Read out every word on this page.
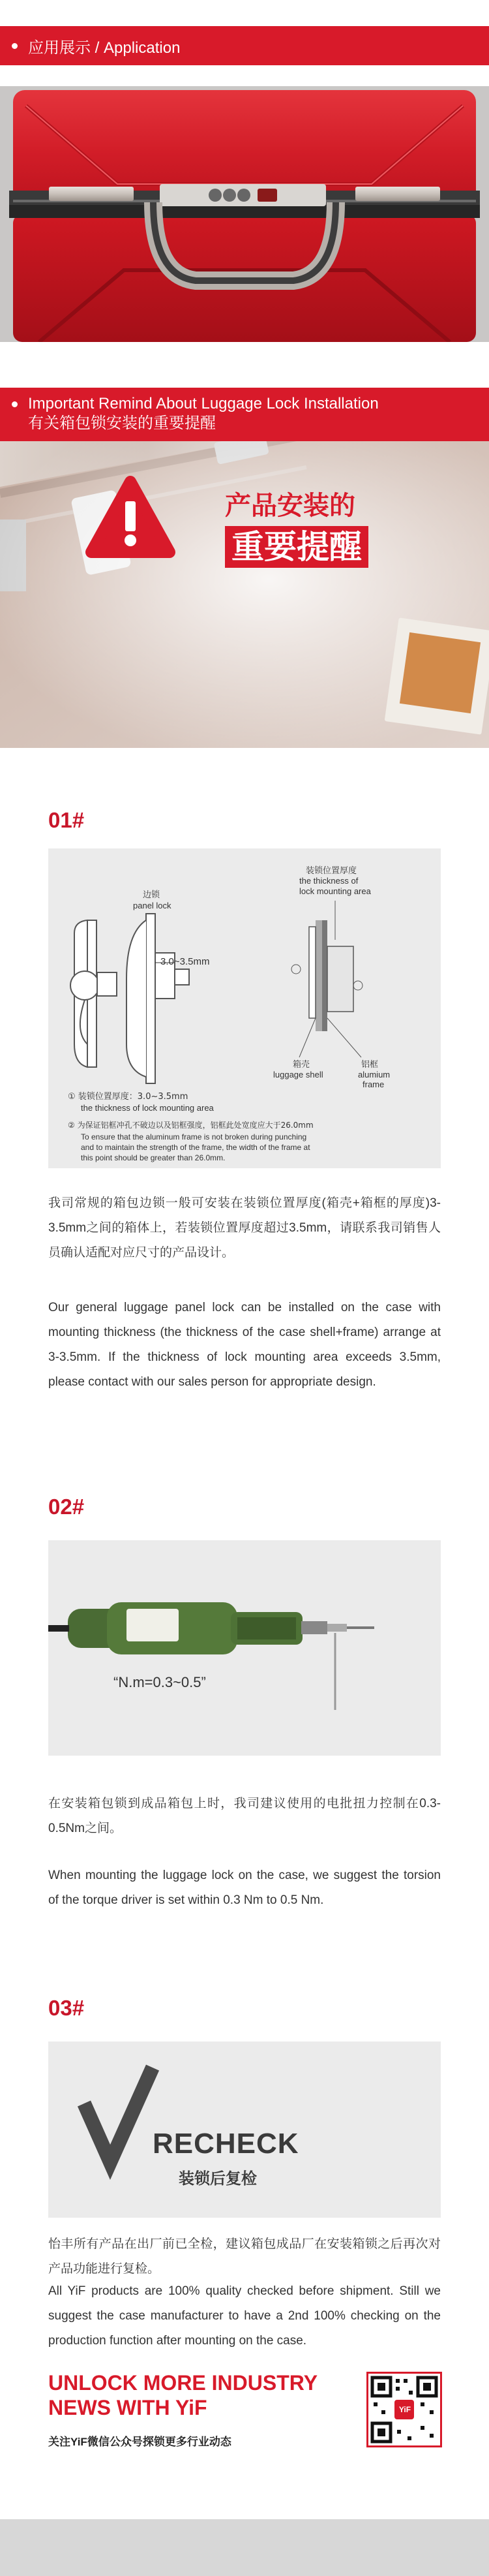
应用展示 / Application
Important Remind About Luggage Lock Installation
有关箱包锁安装的重要提醒
产品安装的
重要提醒
01#
3.0~3.5mm
边锁
panel lock
装锁位置厚度
the thickness of
lock mounting area
箱壳
luggage shell
铝框
alumium
frame
① 装锁位置厚度：3.0~3.5mm
the thickness of lock mounting area
② 为保证铝框冲孔不破边以及铝框强度，铝框此处宽度应大于26.0mm
To ensure that the aluminum frame is not broken during punching
and to maintain the strength of the frame, the width of the frame at
this point should be greater than 26.0mm.
我司常规的箱包边锁一般可安装在装锁位置厚度(箱壳+箱框的厚度)3-3.5mm之间的箱体上，若装锁位置厚度超过3.5mm，请联系我司销售人员确认适配对应尺寸的产品设计。
Our general luggage panel lock can be installed on the case with mounting thickness (the thickness of the case shell+frame) arrange at 3-3.5mm. If the thickness of lock mounting area exceeds 3.5mm, please contact with our sales person for appropriate design.
02#
“N.m=0.3~0.5”
在安装箱包锁到成品箱包上时，我司建议使用的电批扭力控制在0.3-0.5Nm之间。
When mounting the luggage lock on the case, we suggest the torsion of the torque driver is set within 0.3 Nm to 0.5 Nm.
03#
RECHECK
装锁后复检
怡丰所有产品在出厂前已全检，建议箱包成品厂在安装箱锁之后再次对产品功能进行复检。
All YiF products are 100% quality checked before shipment. Still we suggest the case manufacturer to have a 2nd 100% checking on the production function after mounting on the case.
UNLOCK MORE INDUSTRY
NEWS WITH YiF
关注YiF微信公众号探锁更多行业动态
YiF
